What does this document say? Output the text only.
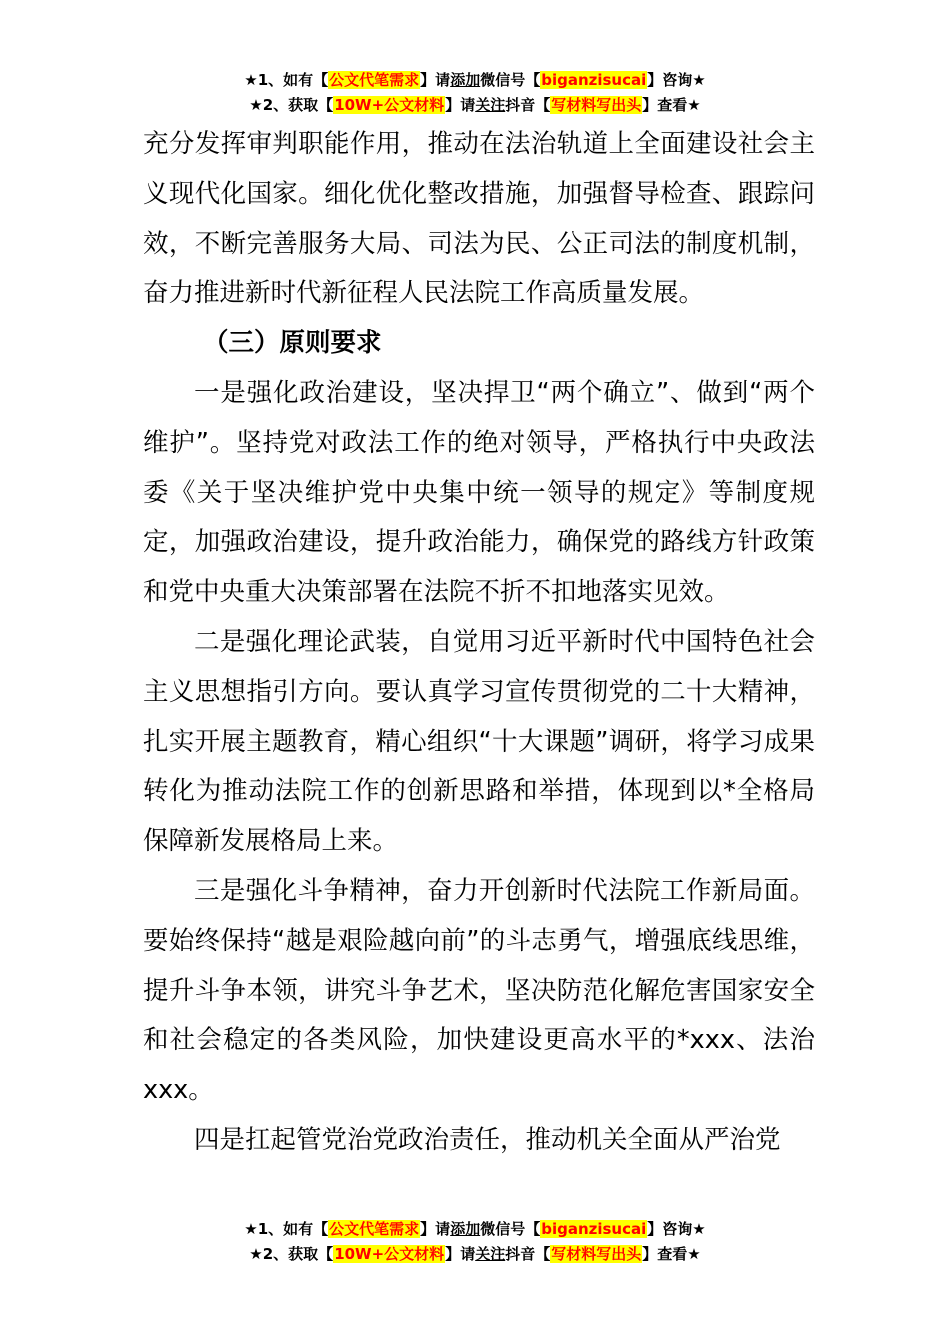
★1、如有【公文代笔需求】请添加微信号【biganzisucai】咨询★
★2、获取【10W+公文材料】请关注抖音【写材料写出头】查看★

充分发挥审判职能作用，推动在法治轨道上全面建设社会主义现代化国家。细化优化整改措施，加强督导检查、跟踪问效，不断完善服务大局、司法为民、公正司法的制度机制，奋力推进新时代新征程人民法院工作高质量发展。

（三）原则要求

一是强化政治建设，坚决捍卫“两个确立”、做到“两个维护”。坚持党对政法工作的绝对领导，严格执行中央政法委《关于坚决维护党中央集中统一领导的规定》等制度规定，加强政治建设，提升政治能力，确保党的路线方针政策和党中央重大决策部署在法院不折不扣地落实见效。

二是强化理论武装，自觉用习近平新时代中国特色社会主义思想指引方向。要认真学习宣传贯彻党的二十大精神，扎实开展主题教育，精心组织“十大课题”调研，将学习成果转化为推动法院工作的创新思路和举措，体现到以*全格局保障新发展格局上来。

三是强化斗争精神，奋力开创新时代法院工作新局面。要始终保持“越是艰险越向前”的斗志勇气，增强底线思维，提升斗争本领，讲究斗争艺术，坚决防范化解危害国家安全和社会稳定的各类风险，加快建设更高水平的*xxx、法治xxx。

四是扛起管党治党政治责任，推动机关全面从严治党

★1、如有【公文代笔需求】请添加微信号【biganzisucai】咨询★
★2、获取【10W+公文材料】请关注抖音【写材料写出头】查看★
